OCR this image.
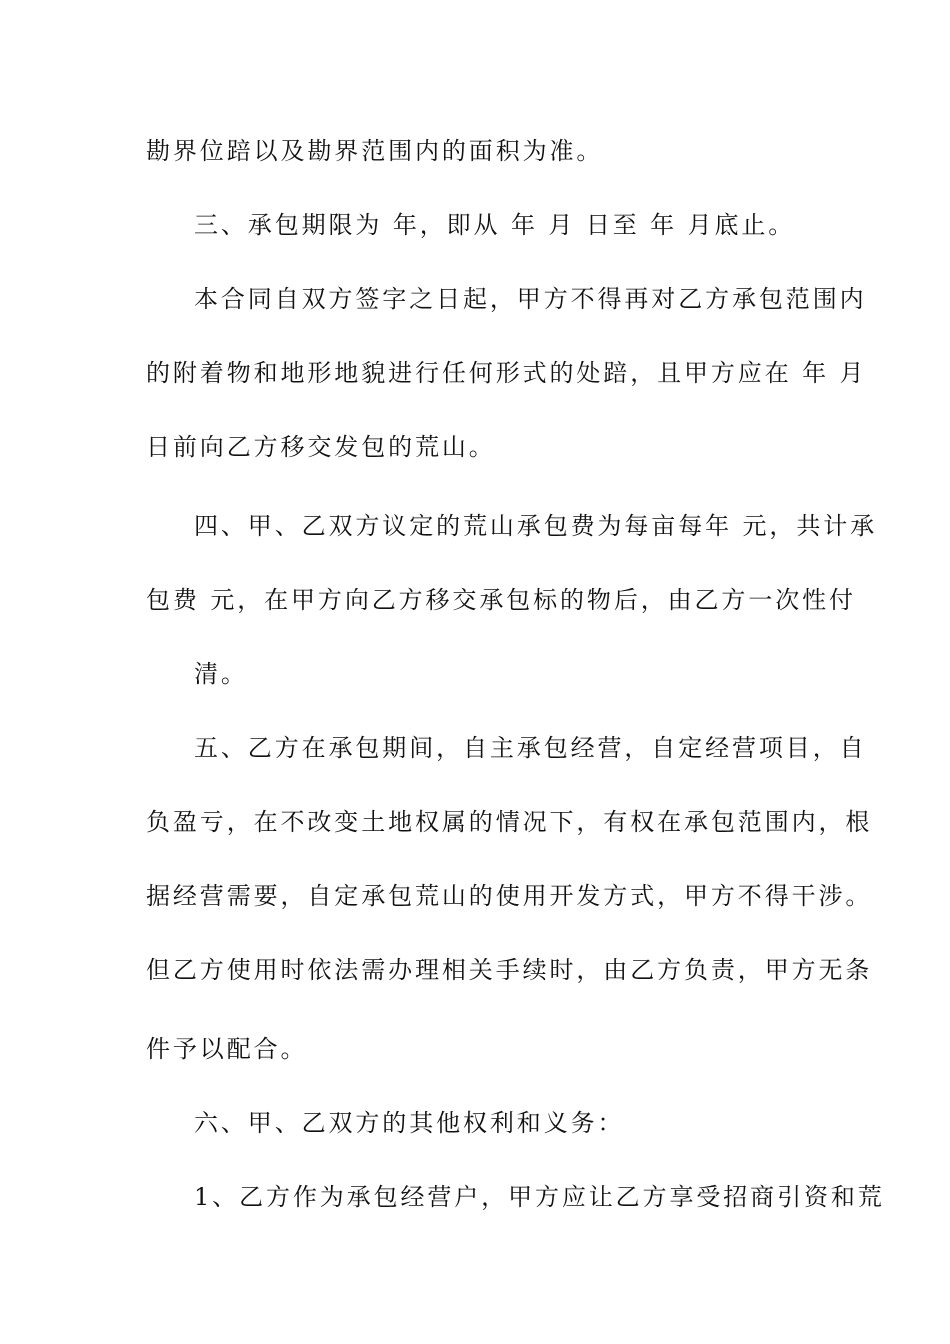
勘界位踣以及勘界范围内的面积为准。
三、承包期限为 年，即从 年 月 日至 年 月底止。
本合同自双方签字之日起，甲方不得再对乙方承包范围内
的附着物和地形地貌进行任何形式的处踣，且甲方应在 年 月
日前向乙方移交发包的荒山。
四、甲、乙双方议定的荒山承包费为每亩每年 元，共计承
包费 元，在甲方向乙方移交承包标的物后，由乙方一次性付
清。
五、乙方在承包期间，自主承包经营，自定经营项目，自
负盈亏，在不改变土地权属的情况下，有权在承包范围内，根
据经营需要，自定承包荒山的使用开发方式，甲方不得干涉。
但乙方使用时依法需办理相关手续时，由乙方负责，甲方无条
件予以配合。
六、甲、乙双方的其他权利和义务：
1、乙方作为承包经营户，甲方应让乙方享受招商引资和荒
